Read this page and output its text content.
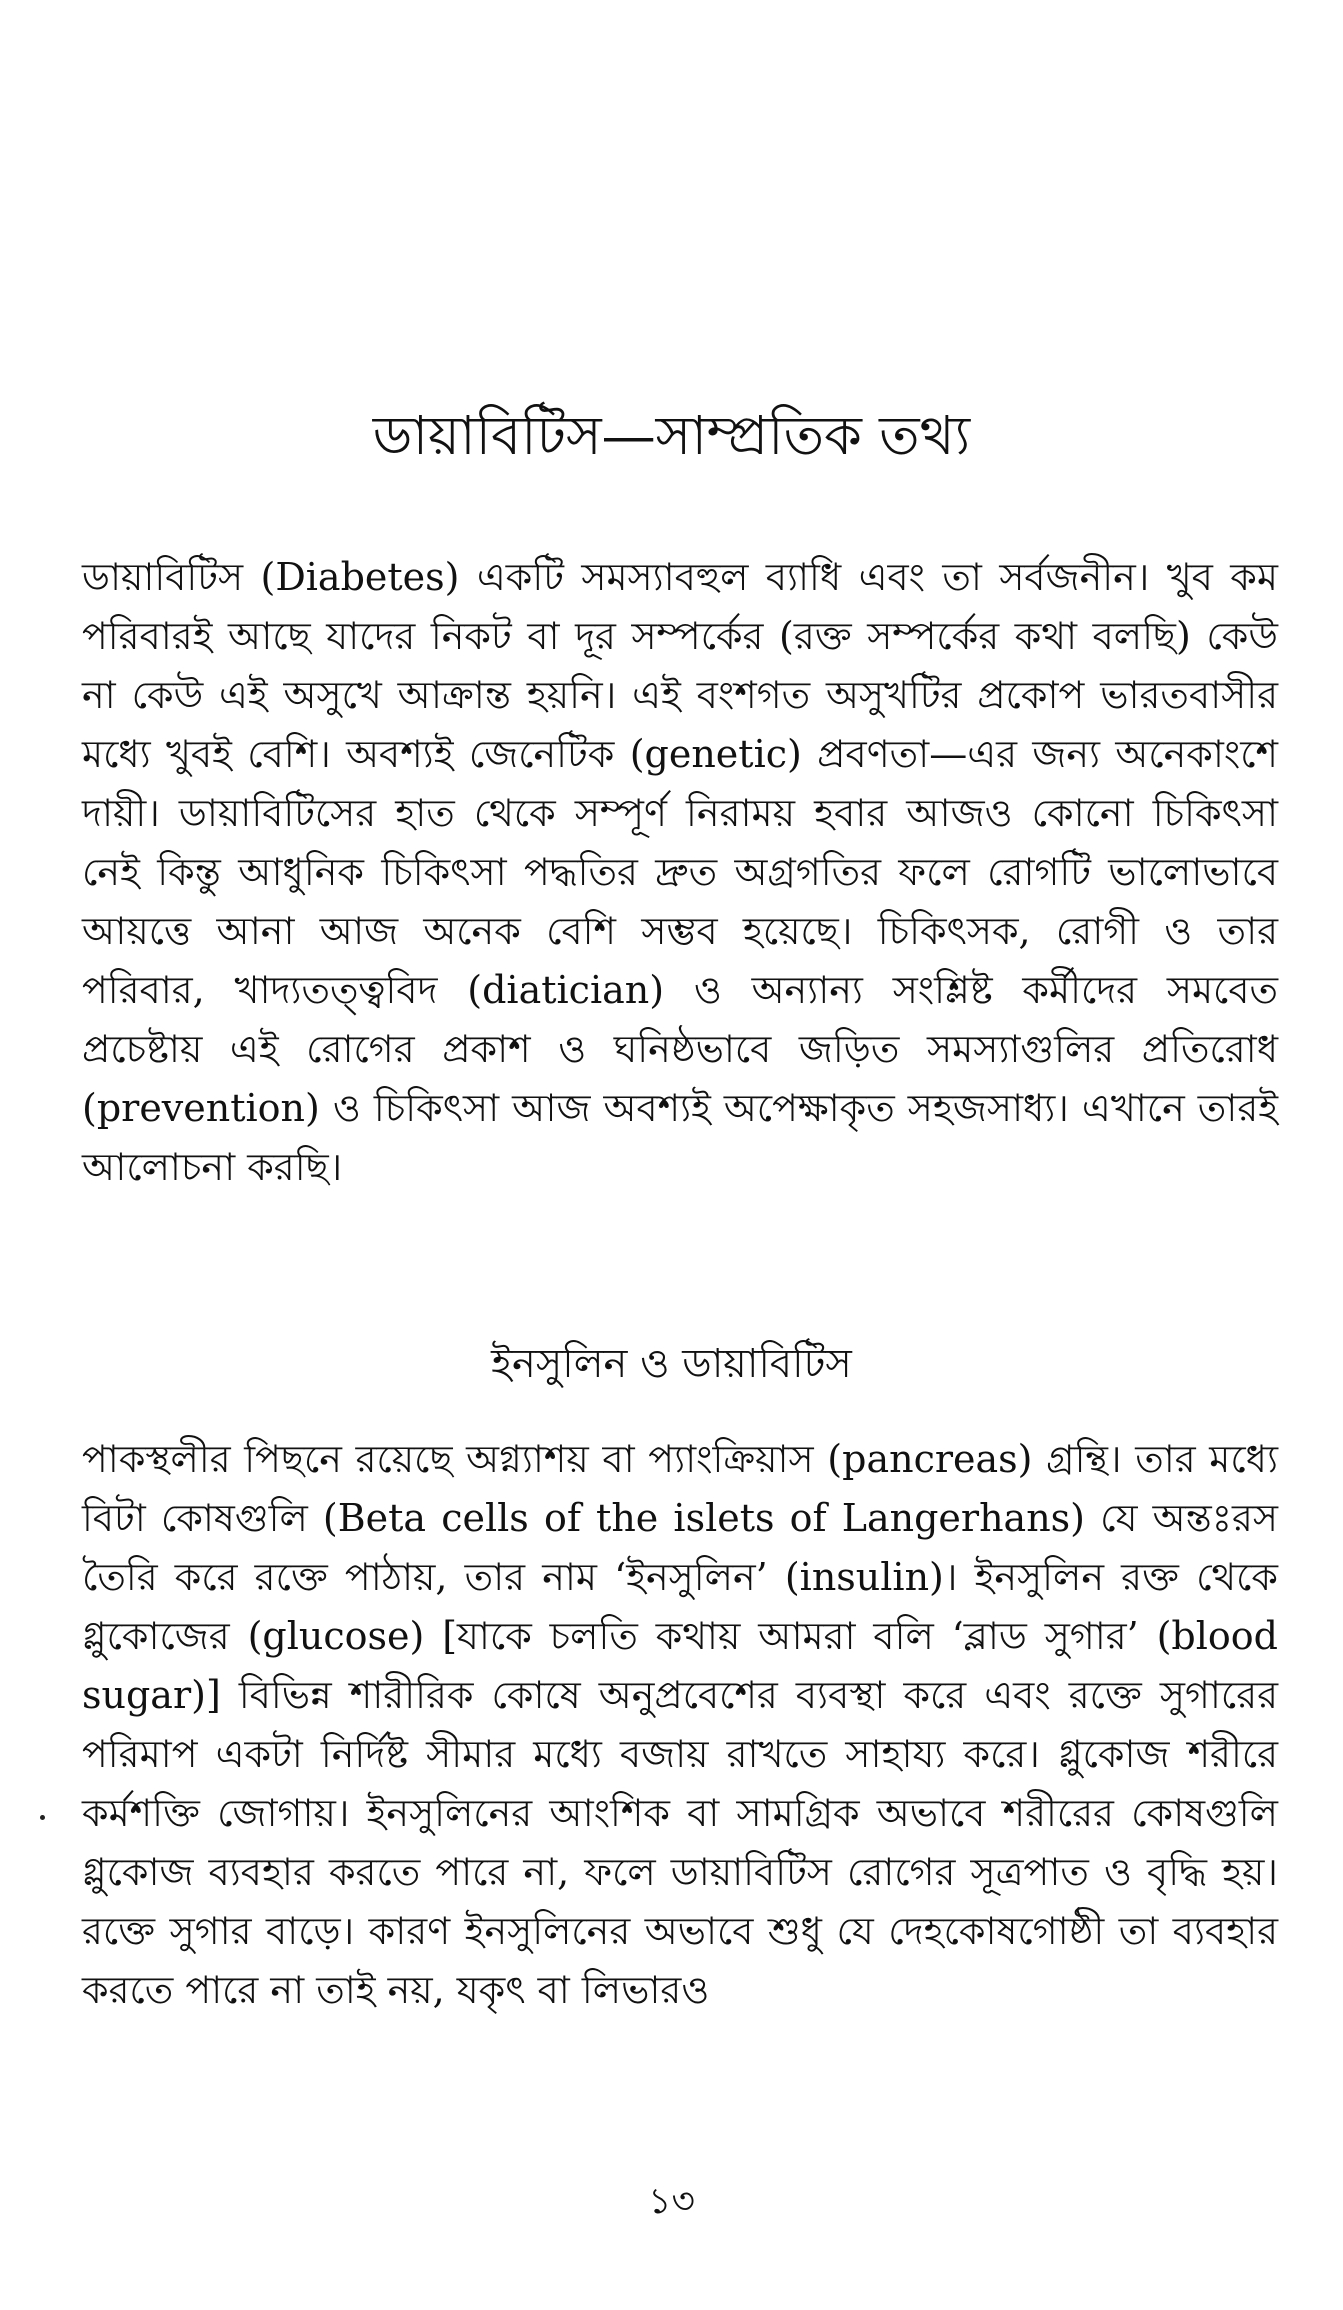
ডায়াবিটিস—সাম্প্রতিক তথ্য

ডায়াবিটিস (Diabetes) একটি সমস্যাবহুল ব্যাধি এবং তা সর্বজনীন। খুব কম পরিবারই আছে যাদের নিকট বা দূর সম্পর্কের (রক্ত সম্পর্কের কথা বলছি) কেউ না কেউ এই অসুখে আক্রান্ত হয়নি। এই বংশগত অসুখটির প্রকোপ ভারতবাসীর মধ্যে খুবই বেশি। অবশ্যই জেনেটিক (genetic) প্রবণতা—এর জন্য অনেকাংশে দায়ী। ডায়াবিটিসের হাত থেকে সম্পূর্ণ নিরাময় হবার আজও কোনো চিকিৎসা নেই কিন্তু আধুনিক চিকিৎসা পদ্ধতির দ্রুত অগ্রগতির ফলে রোগটি ভালোভাবে আয়ত্তে আনা আজ অনেক বেশি সম্ভব হয়েছে। চিকিৎসক, রোগী ও তার পরিবার, খাদ্যতত্ত্ববিদ (diatician) ও অন্যান্য সংশ্লিষ্ট কর্মীদের সমবেত প্রচেষ্টায় এই রোগের প্রকাশ ও ঘনিষ্ঠভাবে জড়িত সমস্যাগুলির প্রতিরোধ (prevention) ও চিকিৎসা আজ অবশ্যই অপেক্ষাকৃত সহজসাধ্য। এখানে তারই আলোচনা করছি।

ইনসুলিন ও ডায়াবিটিস

পাকস্থলীর পিছনে রয়েছে অগ্ন্যাশয় বা প্যাংক্রিয়াস (pancreas) গ্রন্থি। তার মধ্যে বিটা কোষগুলি (Beta cells of the islets of Langerhans) যে অন্তঃরস তৈরি করে রক্তে পাঠায়, তার নাম ‘ইনসুলিন’ (insulin)। ইনসুলিন রক্ত থেকে গ্লুকোজের (glucose) [যাকে চলতি কথায় আমরা বলি ‘ব্লাড সুগার’ (blood sugar)] বিভিন্ন শারীরিক কোষে অনুপ্রবেশের ব্যবস্থা করে এবং রক্তে সুগারের পরিমাপ একটা নির্দিষ্ট সীমার মধ্যে বজায় রাখতে সাহায্য করে। গ্লুকোজ শরীরে কর্মশক্তি জোগায়। ইনসুলিনের আংশিক বা সামগ্রিক অভাবে শরীরের কোষগুলি গ্লুকোজ ব্যবহার করতে পারে না, ফলে ডায়াবিটিস রোগের সূত্রপাত ও বৃদ্ধি হয়। রক্তে সুগার বাড়ে। কারণ ইনসুলিনের অভাবে শুধু যে দেহকোষগোষ্ঠী তা ব্যবহার করতে পারে না তাই নয়, যকৃৎ বা লিভারও

১৩
